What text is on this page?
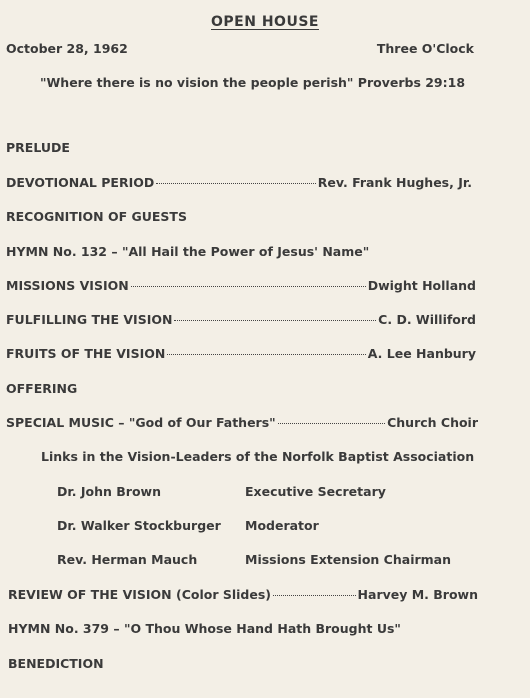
OPEN HOUSE
October 28, 1962	Three O'Clock
"Where there is no vision the people perish" Proverbs 29:18
PRELUDE
DEVOTIONAL PERIOD	Rev. Frank Hughes, Jr.
RECOGNITION OF GUESTS
HYMN No. 132 – "All Hail the Power of Jesus' Name"
MISSIONS VISION	Dwight Holland
FULFILLING THE VISION	C. D. Williford
FRUITS OF THE VISION	A. Lee Hanbury
OFFERING
SPECIAL MUSIC – "God of Our Fathers"	Church Choir
Links in the Vision-Leaders of the Norfolk Baptist Association
Dr. John Brown	Executive Secretary
Dr. Walker Stockburger Moderator
Rev. Herman Mauch	Missions Extension Chairman
REVIEW OF THE VISION (Color Slides)	Harvey M. Brown
HYMN No. 379 – "O Thou Whose Hand Hath Brought Us"
BENEDICTION
